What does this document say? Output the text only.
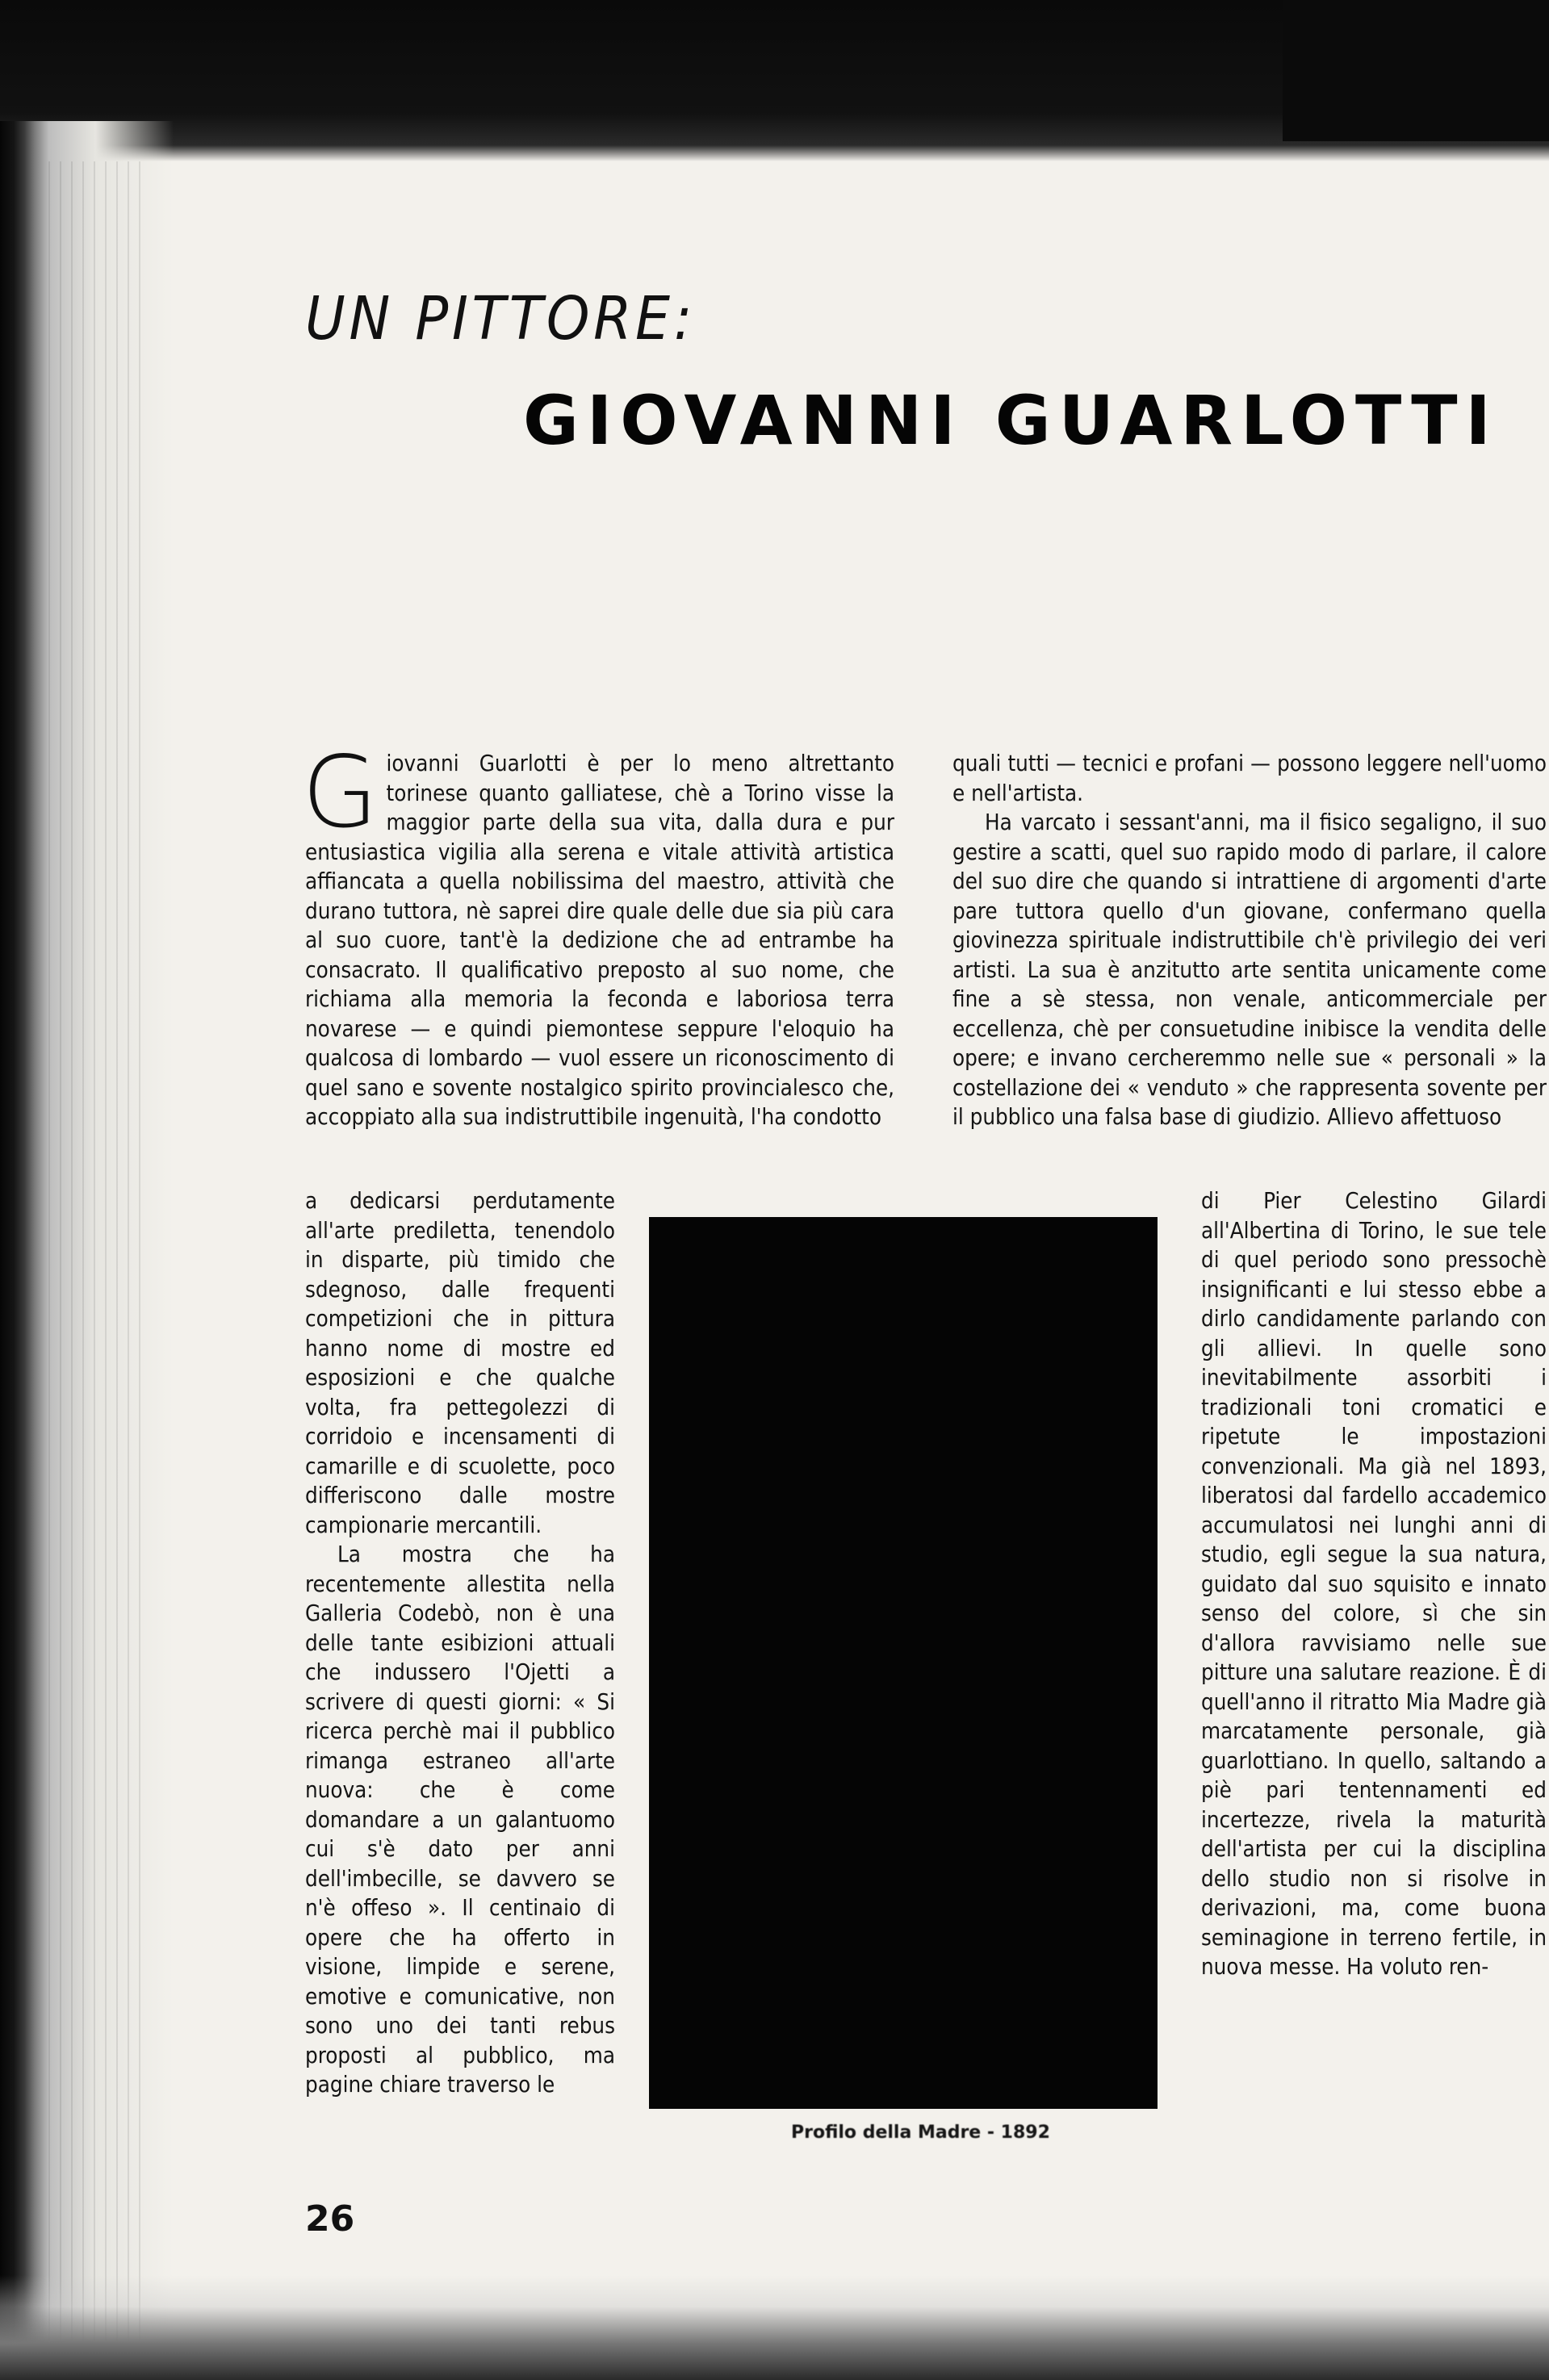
UN PITTORE:
GIOVANNI GUARLOTTI

Giovanni Guarlotti è per lo meno altrettanto torinese quanto galliatese, chè a Torino visse la maggior parte della sua vita, dalla dura e pur entusiastica vigilia alla serena e vitale attività artistica affiancata a quella nobilissima del maestro, attività che durano tuttora, nè saprei dire quale delle due sia più cara al suo cuore, tant'è la dedizione che ad entrambe ha consacrato. Il qualificativo preposto al suo nome, che richiama alla memoria la feconda e laboriosa terra novarese — e quindi piemontese seppure l'eloquio ha qualcosa di lombardo — vuol essere un riconoscimento di quel sano e sovente nostalgico spirito provincialesco che, accoppiato alla sua indistruttibile ingenuità, l'ha condotto

a dedicarsi perdutamente all'arte prediletta, tenendolo in disparte, più timido che sdegnoso, dalle frequenti competizioni che in pittura hanno nome di mostre ed esposizioni e che qualche volta, fra pettegolezzi di corridoio e incensamenti di camarille e di scuolette, poco differiscono dalle mostre campionarie mercantili.

La mostra che ha recentemente allestita nella Galleria Codebò, non è una delle tante esibizioni attuali che indussero l'Ojetti a scrivere di questi giorni: « Si ricerca perchè mai il pubblico rimanga estraneo all'arte nuova: che è come domandare a un galantuomo cui s'è dato per anni dell'imbecille, se davvero se n'è offeso ». Il centinaio di opere che ha offerto in visione, limpide e serene, emotive e comunicative, non sono uno dei tanti rebus proposti al pubblico, ma pagine chiare traverso le

Profilo della Madre - 1892

quali tutti — tecnici e profani — possono leggere nell'uomo e nell'artista.

Ha varcato i sessant'anni, ma il fisico segaligno, il suo gestire a scatti, quel suo rapido modo di parlare, il calore del suo dire che quando si intrattiene di argomenti d'arte pare tuttora quello d'un giovane, confermano quella giovinezza spirituale indistruttibile ch'è privilegio dei veri artisti. La sua è anzitutto arte sentita unicamente come fine a sè stessa, non venale, anticommerciale per eccellenza, chè per consuetudine inibisce la vendita delle opere; e invano cercheremmo nelle sue « personali » la costellazione dei « venduto » che rappresenta sovente per il pubblico una falsa base di giudizio. Allievo affettuoso

di Pier Celestino Gilardi all'Albertina di Torino, le sue tele di quel periodo sono pressochè insignificanti e lui stesso ebbe a dirlo candidamente parlando con gli allievi. In quelle sono inevitabilmente assorbiti i tradizionali toni cromatici e ripetute le impostazioni convenzionali. Ma già nel 1893, liberatosi dal fardello accademico accumulatosi nei lunghi anni di studio, egli segue la sua natura, guidato dal suo squisito e innato senso del colore, sì che sin d'allora ravvisiamo nelle sue pitture una salutare reazione. È di quell'anno il ritratto Mia Madre già marcatamente personale, già guarlottiano. In quello, saltando a piè pari tentennamenti ed incertezze, rivela la maturità dell'artista per cui la disciplina dello studio non si risolve in derivazioni, ma, come buona seminagione in terreno fertile, in nuova messe. Ha voluto ren-

26
